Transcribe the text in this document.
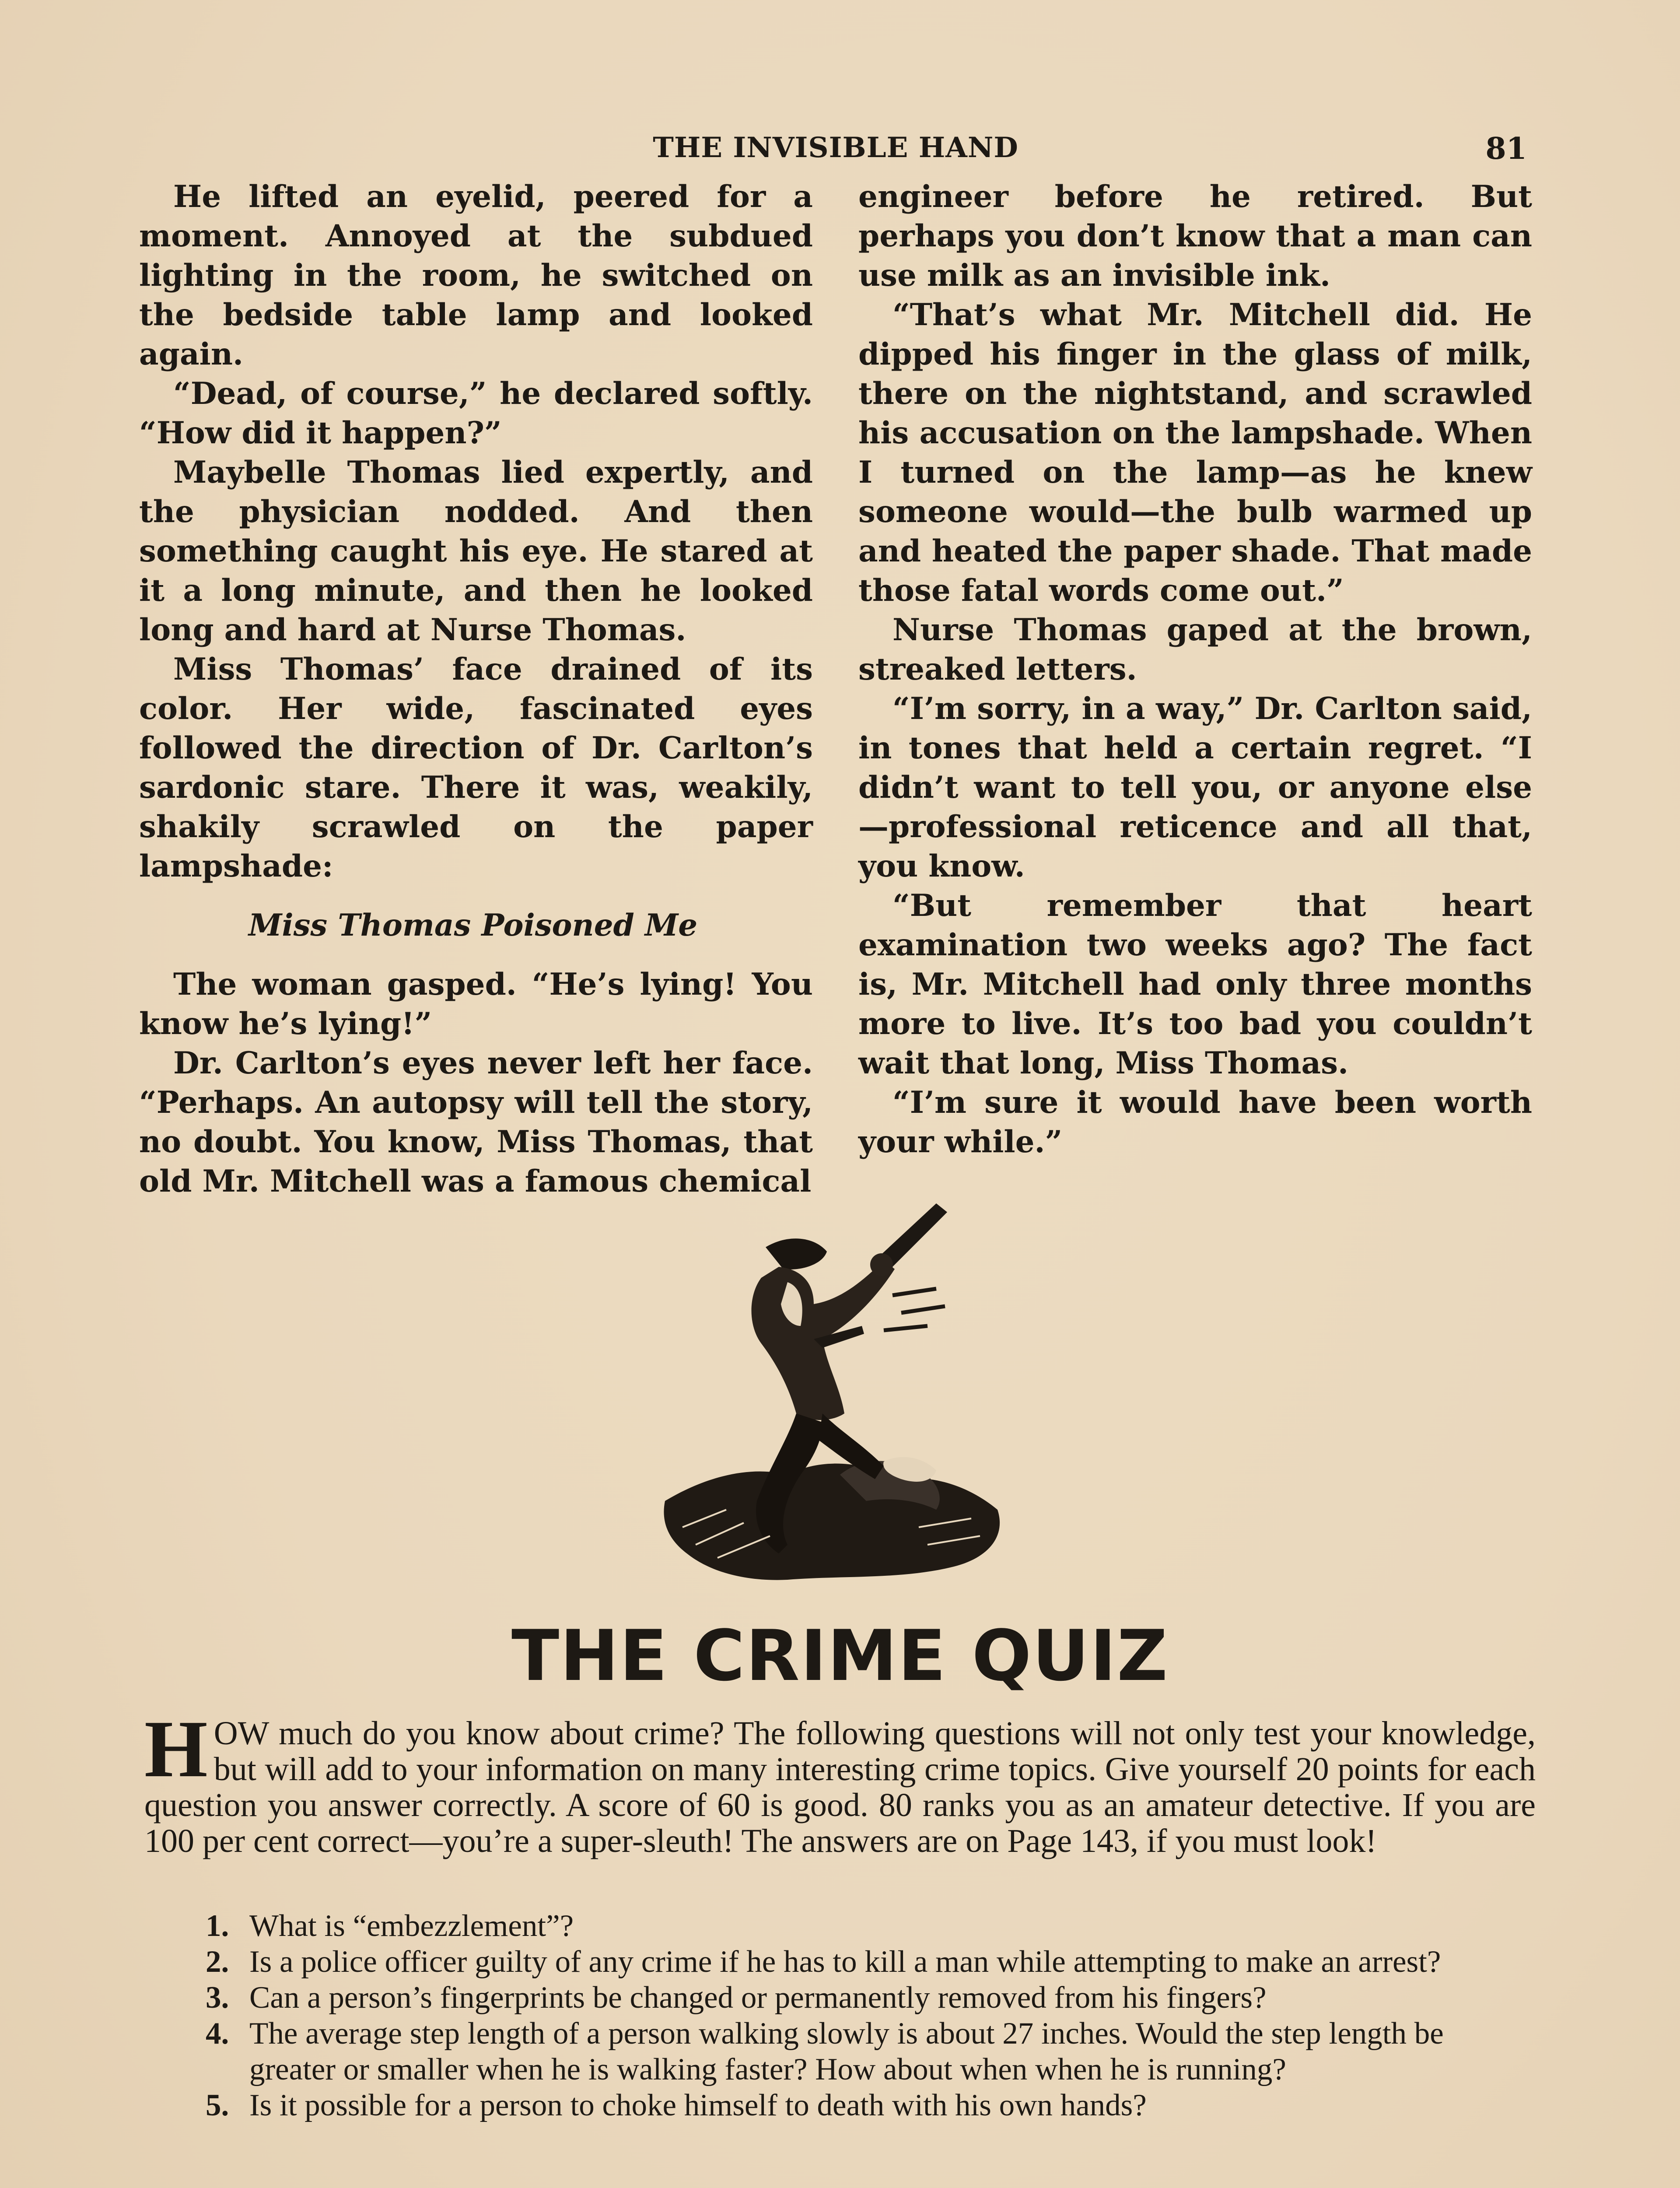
THE INVISIBLE HAND	81

He lifted an eyelid, peered for a moment. Annoyed at the subdued lighting in the room, he switched on the bedside table lamp and looked again.

“Dead, of course,” he declared softly. “How did it happen?”

Maybelle Thomas lied expertly, and the physician nodded. And then something caught his eye. He stared at it a long minute, and then he looked long and hard at Nurse Thomas.

Miss Thomas’ face drained of its color. Her wide, fascinated eyes followed the direction of Dr. Carlton’s sardonic stare. There it was, weakily, shakily scrawled on the paper lampshade:

Miss Thomas Poisoned Me

The woman gasped. “He’s lying! You know he’s lying!”

Dr. Carlton’s eyes never left her face. “Perhaps. An autopsy will tell the story, no doubt. You know, Miss Thomas, that old Mr. Mitchell was a famous chemical

engineer before he retired. But perhaps you don’t know that a man can use milk as an invisible ink.

“That’s what Mr. Mitchell did. He dipped his finger in the glass of milk, there on the nightstand, and scrawled his accusation on the lampshade. When I turned on the lamp—as he knew someone would—the bulb warmed up and heated the paper shade. That made those fatal words come out.”

Nurse Thomas gaped at the brown, streaked letters.

“I’m sorry, in a way,” Dr. Carlton said, in tones that held a certain regret. “I didn’t want to tell you, or anyone else —professional reticence and all that, you know.

“But remember that heart examination two weeks ago? The fact is, Mr. Mitchell had only three months more to live. It’s too bad you couldn’t wait that long, Miss Thomas.

“I’m sure it would have been worth your while.”

THE CRIME QUIZ
HOW much do you know about crime? The following questions will not only test your knowledge, but will add to your information on many interesting crime topics. Give yourself 20 points for each question you answer correctly. A score of 60 is good. 80 ranks you as an amateur detective. If you are 100 per cent correct—you’re a super-sleuth! The answers are on Page 143, if you must look!
1. What is “embezzlement”?
2. Is a police officer guilty of any crime if he has to kill a man while attempting to make an arrest?
3. Can a person’s fingerprints be changed or permanently removed from his fingers?
4. The average step length of a person walking slowly is about 27 inches. Would the step length be greater or smaller when he is walking faster? How about when when he is running?
5. Is it possible for a person to choke himself to death with his own hands?
